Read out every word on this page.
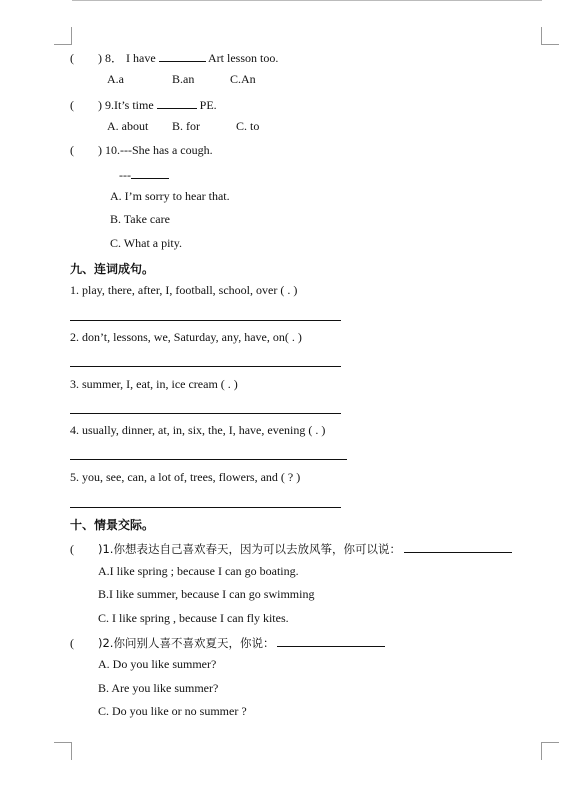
( ) 8． I have	Art lesson too.
A.a	B.an	C.An
( ) 9.It’s time	PE.
A. about B. for	C. to
( ) 10.---She has a cough.
---
A. I’m sorry to hear that.
B. Take care
C. What a pity.
九、连词成句。
1. play, there, after, I, football, school, over ( . )
2. don’t, lessons, we, Saturday, any, have, on( . )
3. summer, I, eat, in, ice cream ( . )
4. usually, dinner, at, in, six, the, I, have, evening ( . )
5. you, see, can, a lot of, trees, flowers, and ( ? )
十、情景交际。
( )1.你想表达自己喜欢春天，因为可以去放风筝，你可以说：
A.I like spring ; because I can go boating.
B.I like summer, because I can go swimming
C. I like spring , because I can fly kites.
( )2.你问别人喜不喜欢夏天，你说：
A. Do you like summer?
B. Are you like summer?
C. Do you like or no summer ?
